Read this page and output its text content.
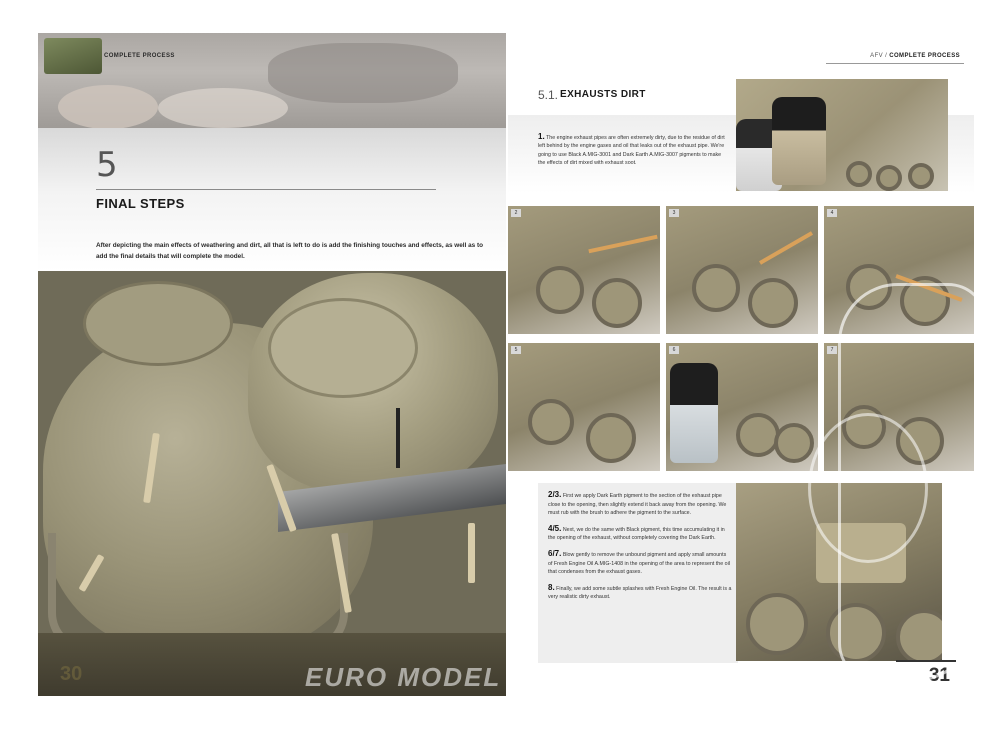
COMPLETE PROCESS
5
FINAL STEPS
After depicting the main effects of weathering and dirt, all that is left to do is add the finishing touches and effects, as well as to add the final details that will complete the model.
30
AFV / COMPLETE PROCESS
5.1. EXHAUSTS DIRT
1. The engine exhaust pipes are often extremely dirty, due to the residue of dirt left behind by the engine gases and oil that leaks out of the exhaust pipe. We're going to use Black A.MIG-3001 and Dark Earth A.MIG-3007 pigments to make the effects of dirt mixed with exhaust soot.
2	3	4
5	6	7

2/3. First we apply Dark Earth pigment to the section of the exhaust pipe close to the opening, then slightly extend it back away from the opening. We must rub with the brush to adhere the pigment to the surface.

4/5. Next, we do the same with Black pigment, this time accumulating it in the opening of the exhaust, without completely covering the Dark Earth.

6/7. Blow gently to remove the unbound pigment and apply small amounts of Fresh Engine Oil A.MIG-1408 in the opening of the area to represent the oil that condenses from the exhaust gases.

8. Finally, we add some subtle splashes with Fresh Engine Oil. The result is a very realistic dirty exhaust.

31
EURO MODEL
